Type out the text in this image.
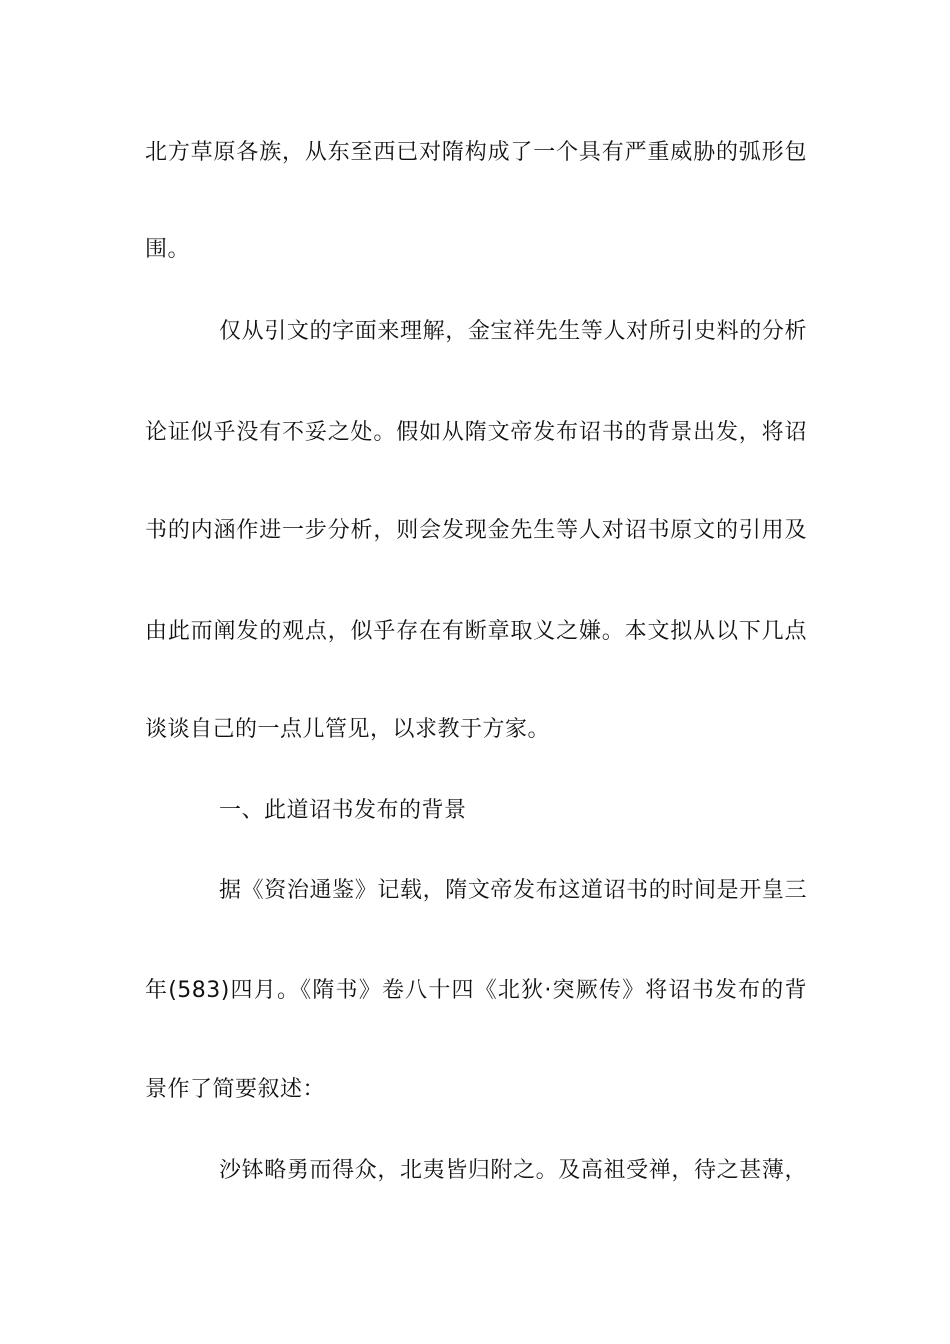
北方草原各族，从东至西已对隋构成了一个具有严重威胁的弧形包
围。
仅从引文的字面来理解，金宝祥先生等人对所引史料的分析
论证似乎没有不妥之处。假如从隋文帝发布诏书的背景出发，将诏
书的内涵作进一步分析，则会发现金先生等人对诏书原文的引用及
由此而阐发的观点，似乎存在有断章取义之嫌。本文拟从以下几点
谈谈自己的一点儿管见，以求教于方家。
一、此道诏书发布的背景
据《资治通鉴》记载，隋文帝发布这道诏书的时间是开皇三
年(583)四月。《隋书》卷八十四《北狄·突厥传》将诏书发布的背
景作了简要叙述：
沙钵略勇而得众，北夷皆归附之。及高祖受禅，待之甚薄，
